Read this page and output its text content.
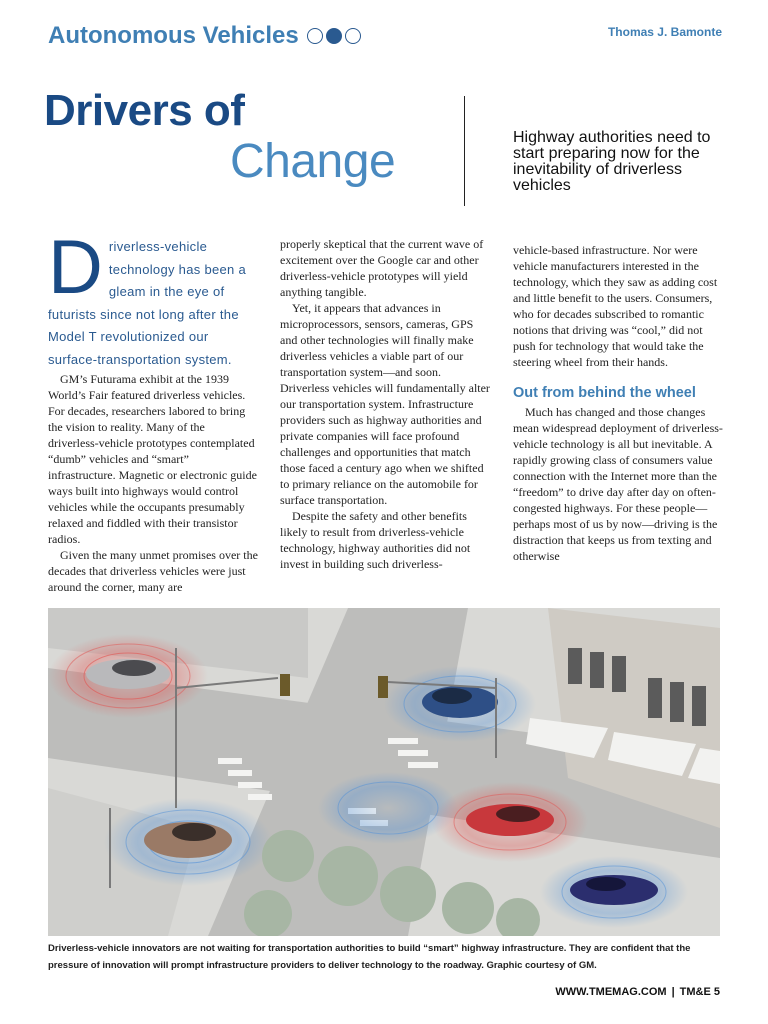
Autonomous Vehicles	Thomas J. Bamonte
Drivers of
Change	Highway authorities need to start preparing now for the inevitability of driverless vehicles
D riverless-vehicle technology has been a gleam in the eye of futurists since not long after the Model T revolutionized our surface-transportation system.

GM’s Futurama exhibit at the 1939 World’s Fair featured driverless vehicles. For decades, researchers labored to bring the vision to reality. Many of the driverless-vehicle prototypes contemplated “dumb” vehicles and “smart” infrastructure. Magnetic or electronic guide ways built into highways would control vehicles while the occupants presumably relaxed and fiddled with their transistor radios.

Given the many unmet promises over the decades that driverless vehicles were just around the corner, many are

properly skeptical that the current wave of excitement over the Google car and other driverless-vehicle prototypes will yield anything tangible.

Yet, it appears that advances in microprocessors, sensors, cameras, GPS and other technologies will finally make driverless vehicles a viable part of our transportation system—and soon. Driverless vehicles will fundamentally alter our transportation system. Infrastructure providers such as highway authorities and private companies will face profound challenges and opportunities that match those faced a century ago when we shifted to primary reliance on the automobile for surface transportation.

Despite the safety and other benefits likely to result from driverless-vehicle technology, highway authorities did not invest in building such driverless-

vehicle-based infrastructure. Nor were vehicle manufacturers interested in the technology, which they saw as adding cost and little benefit to the users. Consumers, who for decades subscribed to romantic notions that driving was “cool,” did not push for technology that would take the steering wheel from their hands.

Out from behind the wheel

Much has changed and those changes mean widespread deployment of driverless-vehicle technology is all but inevitable. A rapidly growing class of consumers value connection with the Internet more than the “freedom” to drive day after day on often-congested highways. For these people—perhaps most of us by now—driving is the distraction that keeps us from texting and otherwise

Driverless-vehicle innovators are not waiting for transportation authorities to build “smart” highway infrastructure. They are confident that the pressure of innovation will prompt infrastructure providers to deliver technology to the roadway. Graphic courtesy of GM.
WWW.TMEMAG.COM | TM&E 5
